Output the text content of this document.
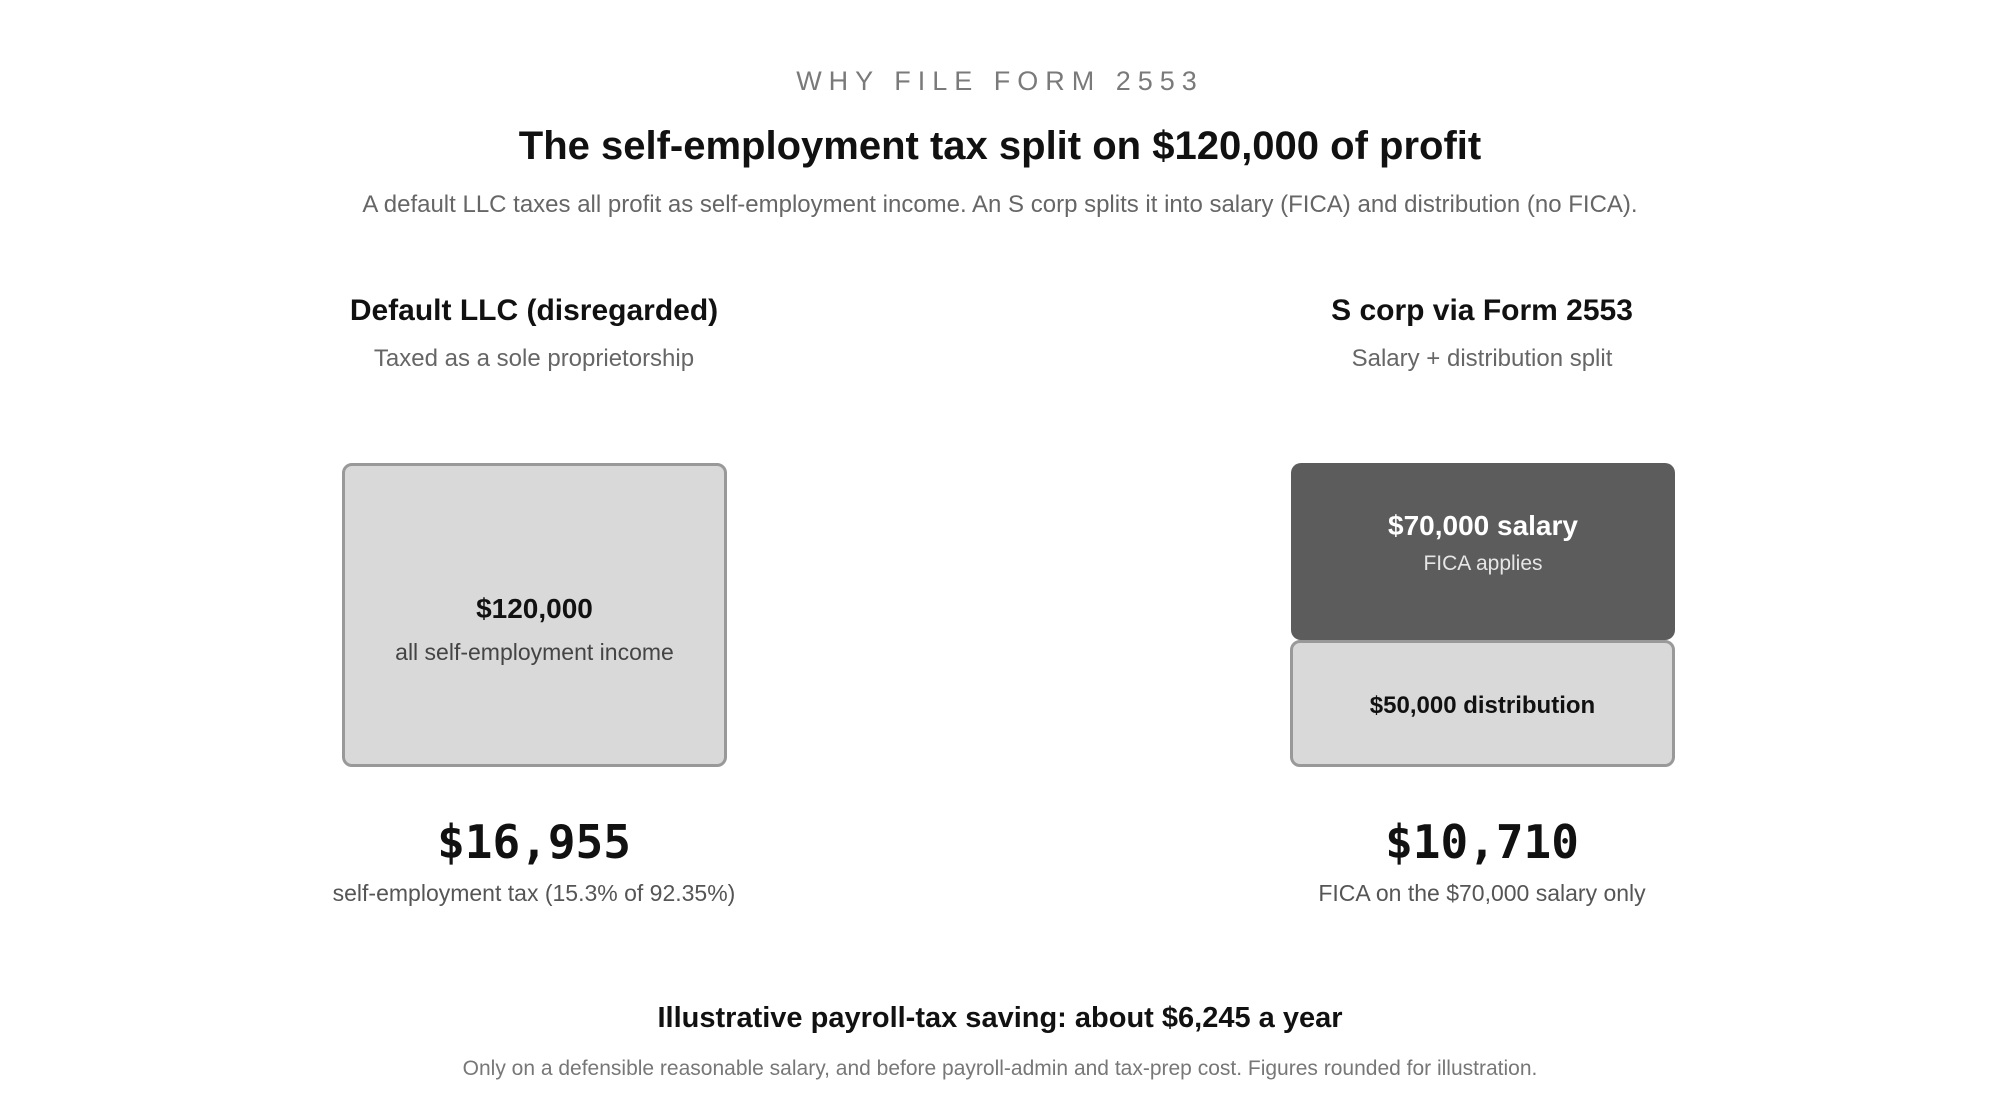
WHY FILE FORM 2553
The self-employment tax split on $120,000 of profit
A default LLC taxes all profit as self-employment income. An S corp splits it into salary (FICA) and distribution (no FICA).
Default LLC (disregarded)
Taxed as a sole proprietorship
$120,000
all self-employment income
$16,955
self-employment tax (15.3% of 92.35%)
S corp via Form 2553
Salary + distribution split
$70,000 salary
FICA applies
$50,000 distribution
$10,710
FICA on the $70,000 salary only
Illustrative payroll-tax saving: about $6,245 a year
Only on a defensible reasonable salary, and before payroll-admin and tax-prep cost. Figures rounded for illustration.
